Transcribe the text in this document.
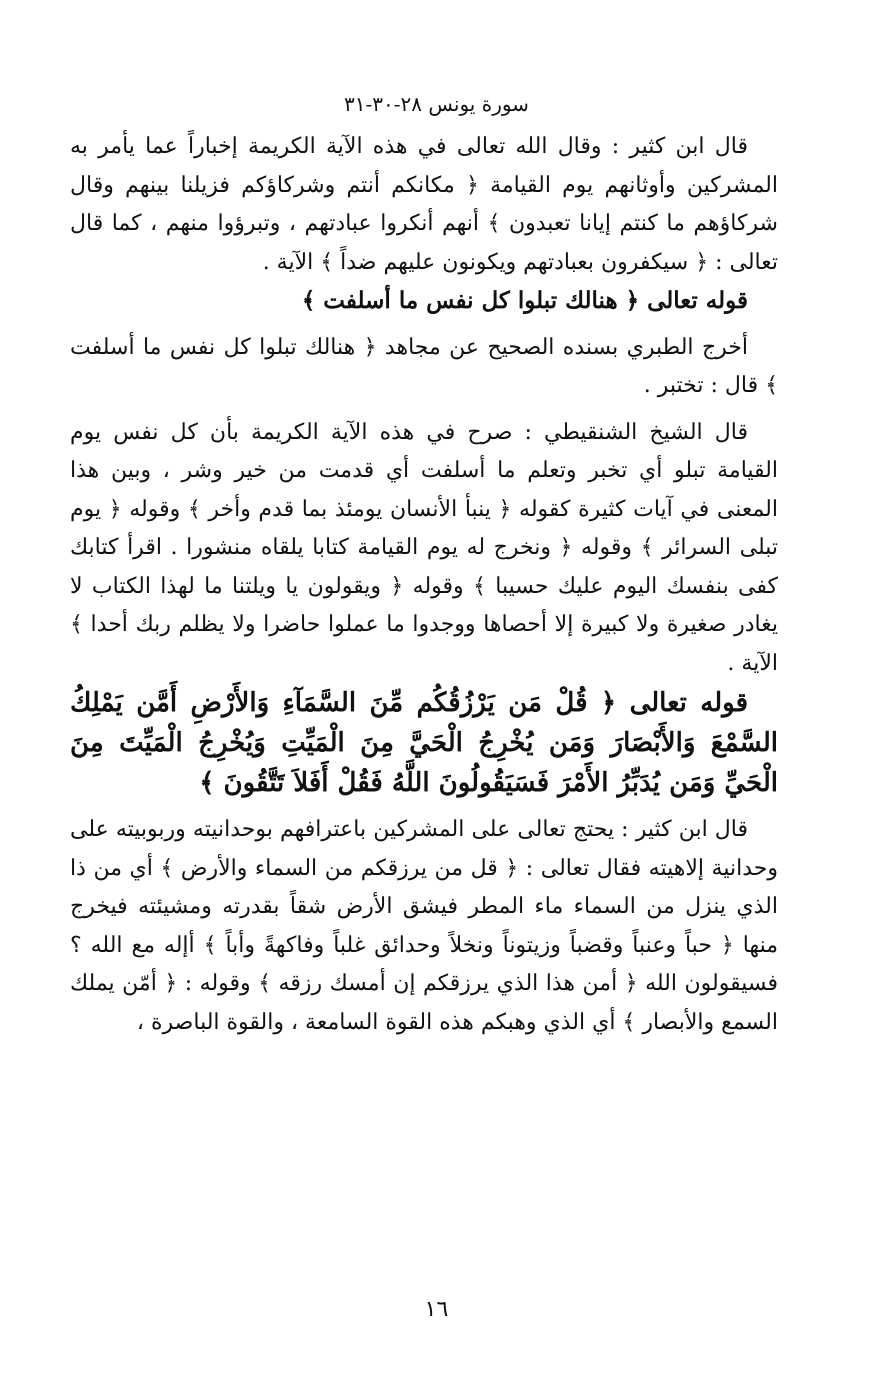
سورة يونس ٢٨-٣٠-٣١

قال ابن كثير : وقال الله تعالى في هذه الآية الكريمة إخباراً عما يأمر به المشركين وأوثانهم يوم القيامة ﴿ مكانكم أنتم وشركاؤكم فزيلنا بينهم وقال شركاؤهم ما كنتم إيانا تعبدون ﴾ أنهم أنكروا عبادتهم ، وتبرؤوا منهم ، كما قال تعالى : ﴿ سيكفرون بعبادتهم ويكونون عليهم ضداً ﴾ الآية .

قوله تعالى ﴿ هنالك تبلوا كل نفس ما أسلفت ﴾

أخرج الطبري بسنده الصحيح عن مجاهد ﴿ هنالك تبلوا كل نفس ما أسلفت ﴾ قال : تختبر .

قال الشيخ الشنقيطي : صرح في هذه الآية الكريمة بأن كل نفس يوم القيامة تبلو أي تخبر وتعلم ما أسلفت أي قدمت من خير وشر ، وبين هذا المعنى في آيات كثيرة كقوله ﴿ ينبأ الأنسان يومئذ بما قدم وأخر ﴾ وقوله ﴿ يوم تبلى السرائر ﴾ وقوله ﴿ ونخرج له يوم القيامة كتابا يلقاه منشورا . اقرأ كتابك كفى بنفسك اليوم عليك حسيبا ﴾ وقوله ﴿ ويقولون يا ويلتنا ما لهذا الكتاب لا يغادر صغيرة ولا كبيرة إلا أحصاها ووجدوا ما عملوا حاضرا ولا يظلم ربك أحدا ﴾ الآية .

قوله تعالى ﴿ قُلْ مَن يَرْزُقُكُم مِّنَ السَّمَآءِ وَالأَرْضِ أَمَّن يَمْلِكُ السَّمْعَ وَالأَبْصَارَ وَمَن يُخْرِجُ الْحَيَّ مِنَ الْمَيِّتِ وَيُخْرِجُ الْمَيِّتَ مِنَ الْحَيِّ وَمَن يُدَبِّرُ الأَمْرَ فَسَيَقُولُونَ اللَّهُ فَقُلْ أَفَلاَ تَتَّقُونَ ﴾

قال ابن كثير : يحتج تعالى على المشركين باعترافهم بوحدانيته وربوبيته على وحدانية إلاهيته فقال تعالى : ﴿ قل من يرزقكم من السماء والأرض ﴾ أي من ذا الذي ينزل من السماء ماء المطر فيشق الأرض شقاً بقدرته ومشيئته فيخرج منها ﴿ حباً وعنباً وقضباً وزيتوناً ونخلاً وحدائق غلباً وفاكهةً وأباً ﴾ أإله مع الله ؟ فسيقولون الله ﴿ أمن هذا الذي يرزقكم إن أمسك رزقه ﴾ وقوله : ﴿ أمّن يملك السمع والأبصار ﴾ أي الذي وهبكم هذه القوة السامعة ، والقوة الباصرة ،

١٦
